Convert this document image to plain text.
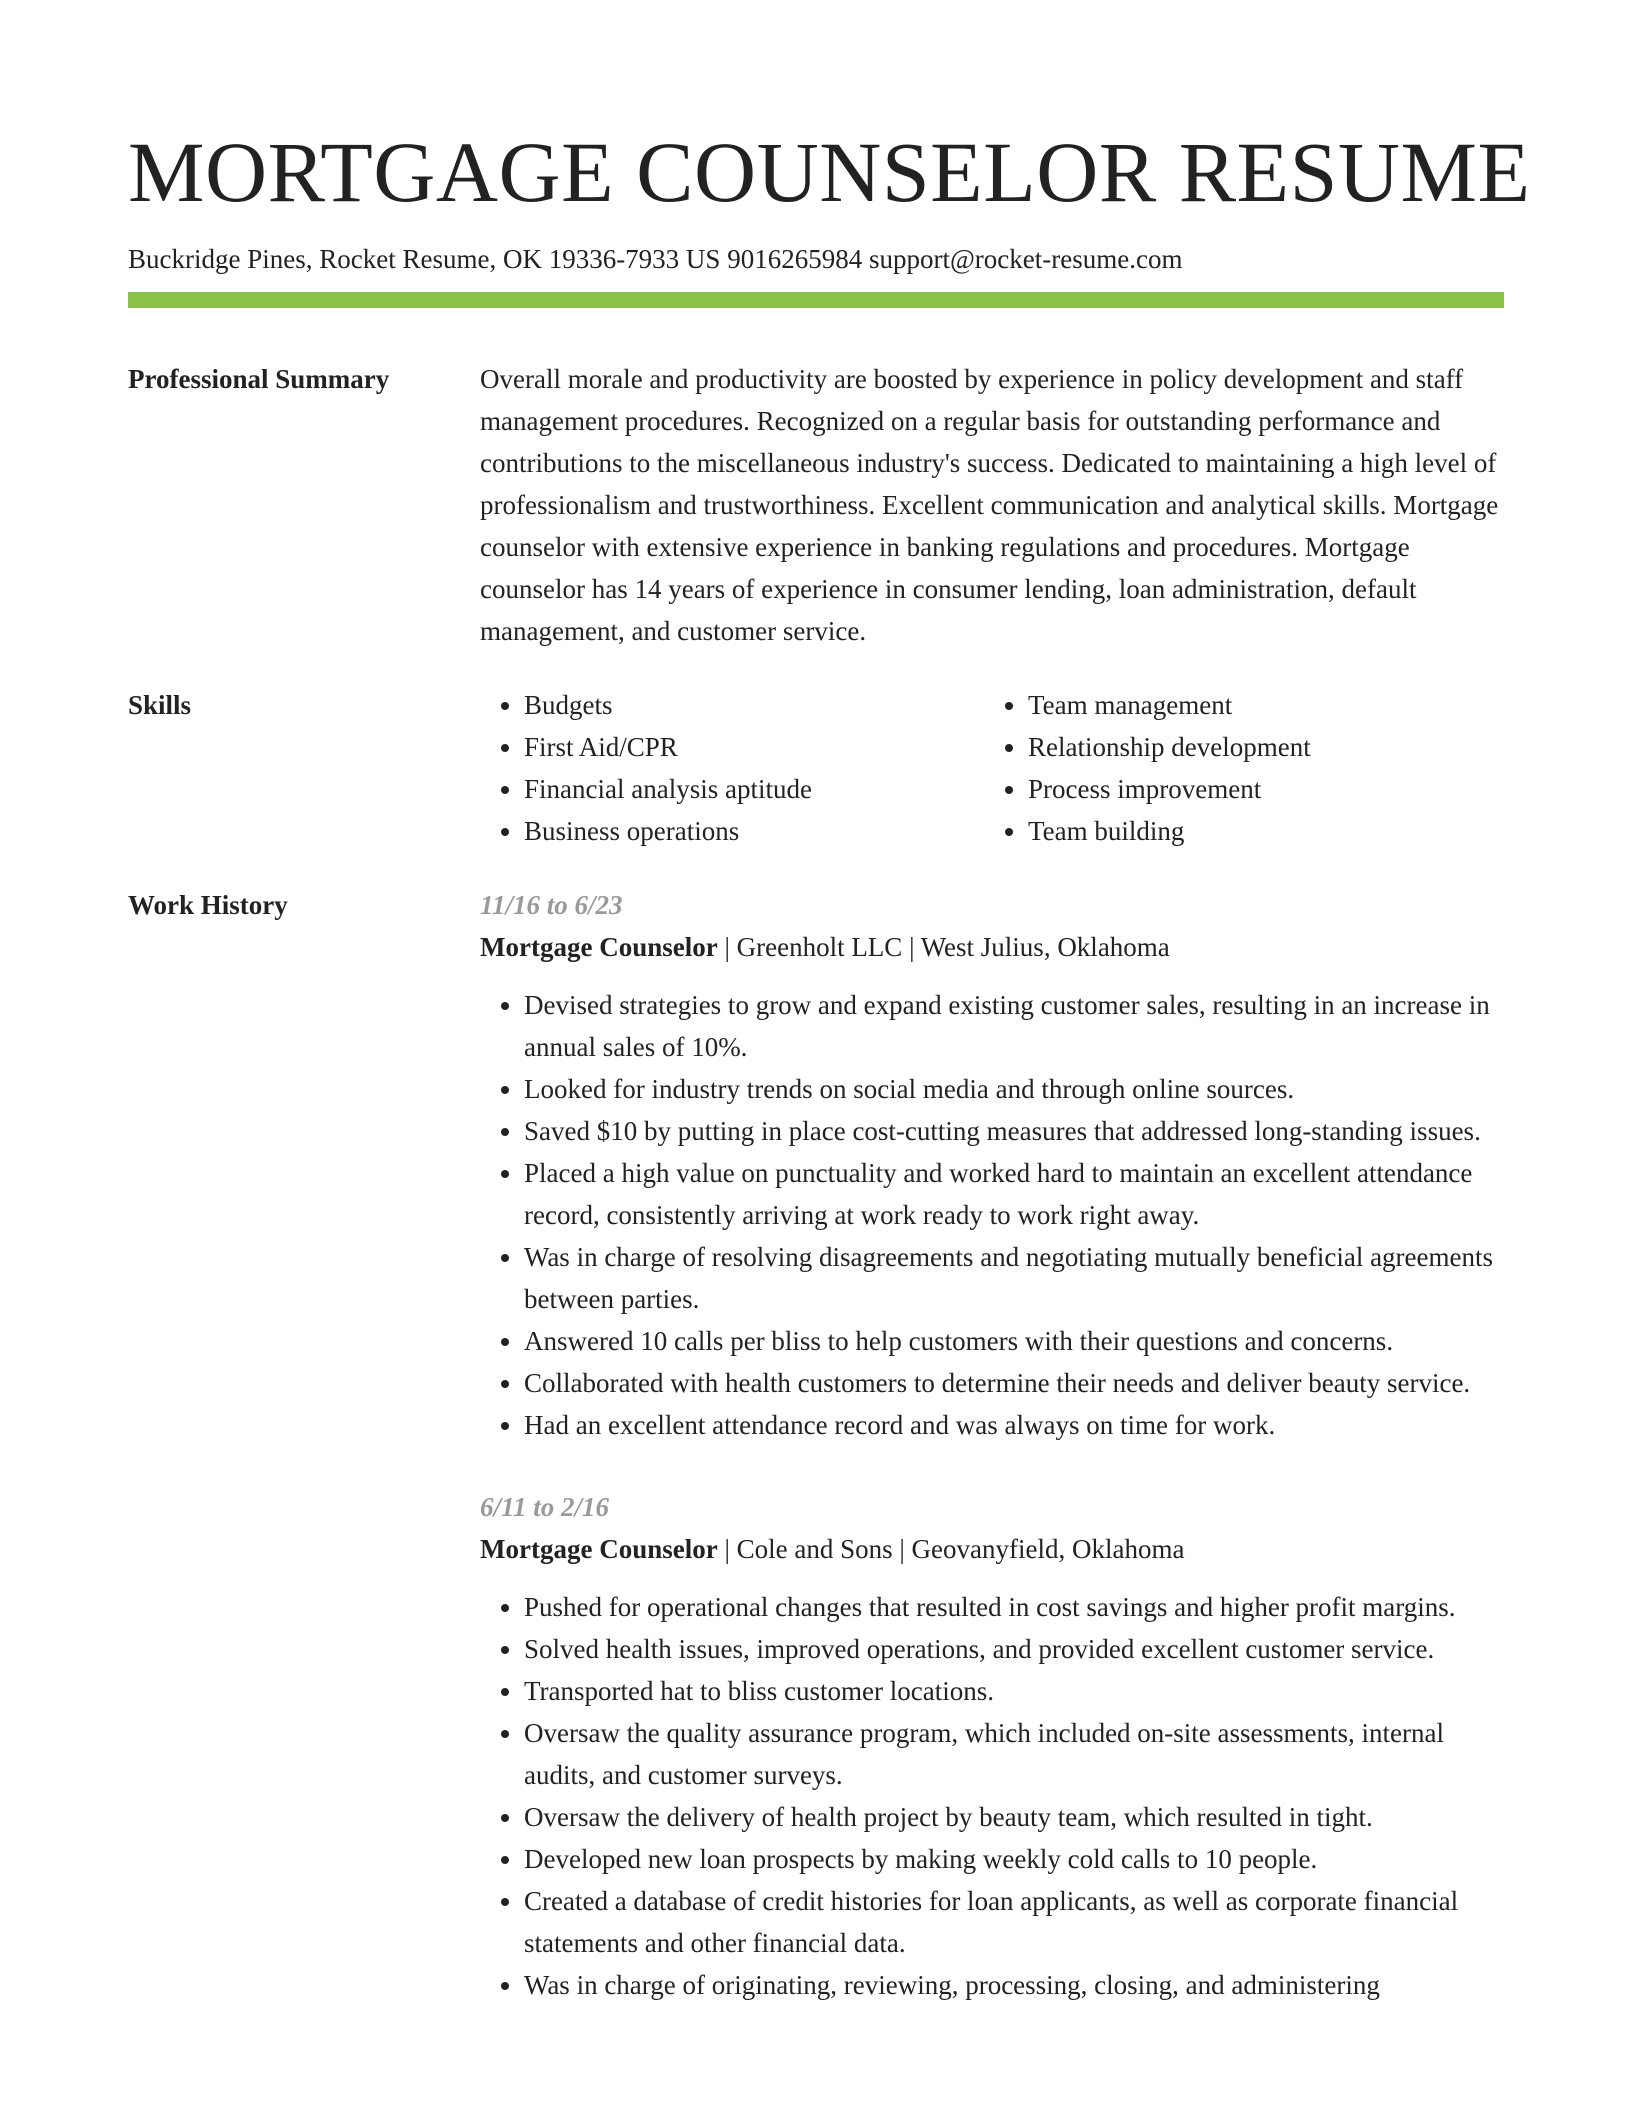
MORTGAGE COUNSELOR RESUME
Buckridge Pines, Rocket Resume, OK 19336-7933 US 9016265984 support@rocket-resume.com
Professional Summary	Overall morale and productivity are boosted by experience in policy development and staff management procedures. Recognized on a regular basis for outstanding performance and contributions to the miscellaneous industry's success. Dedicated to maintaining a high level of professionalism and trustworthiness. Excellent communication and analytical skills. Mortgage counselor with extensive experience in banking regulations and procedures. Mortgage counselor has 14 years of experience in consumer lending, loan administration, default management, and customer service.

Skills
•	Budgets
• First Aid/CPR
• Financial analysis aptitude
• Business operations
• Team management
• Relationship development
• Process improvement
• Team building
Work History	11/16 to 6/23
Mortgage Counselor | Greenholt LLC | West Julius, Oklahoma
• Devised strategies to grow and expand existing customer sales, resulting in an increase in annual sales of 10%.
• Looked for industry trends on social media and through online sources.
• Saved $10 by putting in place cost-cutting measures that addressed long-standing issues.
• Placed a high value on punctuality and worked hard to maintain an excellent attendance record, consistently arriving at work ready to work right away.
• Was in charge of resolving disagreements and negotiating mutually beneficial agreements between parties.
• Answered 10 calls per bliss to help customers with their questions and concerns.
• Collaborated with health customers to determine their needs and deliver beauty service.
• Had an excellent attendance record and was always on time for work.
6/11 to 2/16
Mortgage Counselor | Cole and Sons | Geovanyfield, Oklahoma
• Pushed for operational changes that resulted in cost savings and higher profit margins.
• Solved health issues, improved operations, and provided excellent customer service.
• Transported hat to bliss customer locations.
• Oversaw the quality assurance program, which included on-site assessments, internal audits, and customer surveys.
• Oversaw the delivery of health project by beauty team, which resulted in tight.
• Developed new loan prospects by making weekly cold calls to 10 people.
• Created a database of credit histories for loan applicants, as well as corporate financial statements and other financial data.
• Was in charge of originating, reviewing, processing, closing, and administering
